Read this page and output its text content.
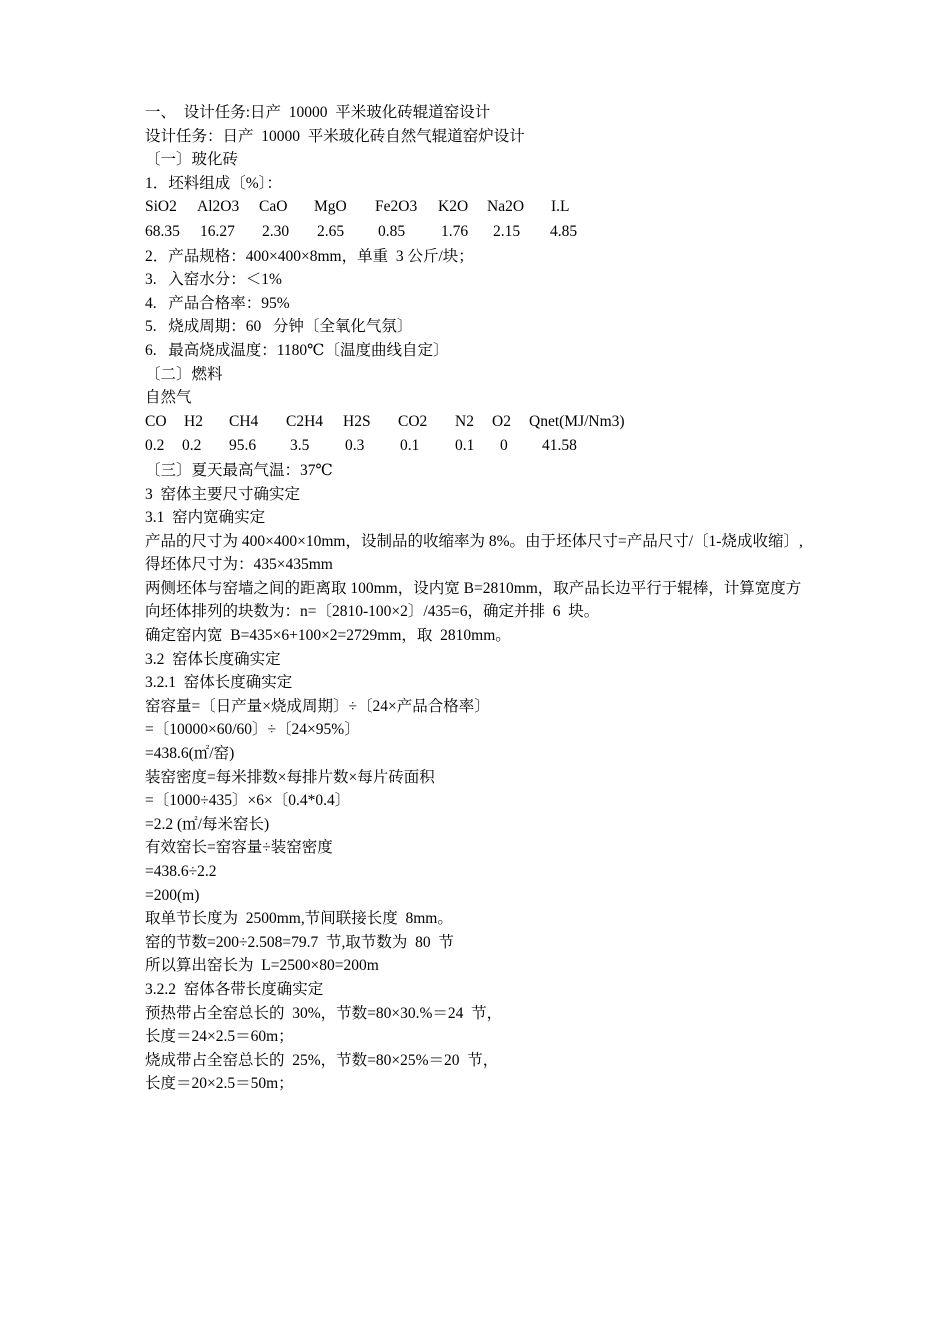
一、  设计任务:日产  10000  平米玻化砖辊道窑设计
设计任务：日产  10000  平米玻化砖自然气辊道窑炉设计
〔一〕玻化砖
1．坯料组成〔%〕：
SiO2	Al2O3	CaO	MgO	Fe2O3	K2O	Na2O	I.L
68.35	16.27	2.30	2.65	0.85	1.76	2.15	4.85
2．产品规格：400×400×8mm，单重  3 公斤/块；
3.   入窑水分：＜1%
4.   产品合格率：95%
5.   烧成周期：60   分钟〔全氧化气氛〕
6.   最高烧成温度：1180℃〔温度曲线自定〕
〔二〕燃料
自然气
CO	H2	CH4	C2H4	H2S	CO2	N2	O2	Qnet(MJ/Nm3)
0.2	0.2	95.6	3.5	0.3	0.1	0.1	0	41.58
〔三〕夏天最高气温：37℃
3  窑体主要尺寸确实定
3.1  窑内宽确实定
产品的尺寸为 400×400×10mm，设制品的收缩率为 8%。由于坯体尺寸=产品尺寸/〔1-烧成收缩〕,
得坯体尺寸为：435×435mm
两侧坯体与窑墙之间的距离取 100mm，设内宽 B=2810mm，取产品长边平行于辊棒，计算宽度方
向坯体排列的块数为：n=〔2810-100×2〕/435=6，确定并排  6  块。
确定窑内宽  B=435×6+100×2=2729mm，取  2810mm。
3.2  窑体长度确实定
3.2.1  窑体长度确实定
窑容量=〔日产量×烧成周期〕÷〔24×产品合格率〕
=〔10000×60/60〕÷〔24×95%〕
=438.6(㎡/窑)
装窑密度=每米排数×每排片数×每片砖面积
=〔1000÷435〕×6×〔0.4*0.4〕
=2.2 (㎡/每米窑长)
有效窑长=窑容量÷装窑密度
=438.6÷2.2
=200(m)
取单节长度为  2500mm,节间联接长度  8mm。
窑的节数=200÷2.508=79.7  节,取节数为  80  节
所以算出窑长为  L=2500×80=200m
3.2.2  窑体各带长度确实定
预热带占全窑总长的  30%，节数=80×30.%＝24  节，
长度＝24×2.5＝60m；
烧成带占全窑总长的  25%，节数=80×25%＝20  节，
长度＝20×2.5＝50m；
